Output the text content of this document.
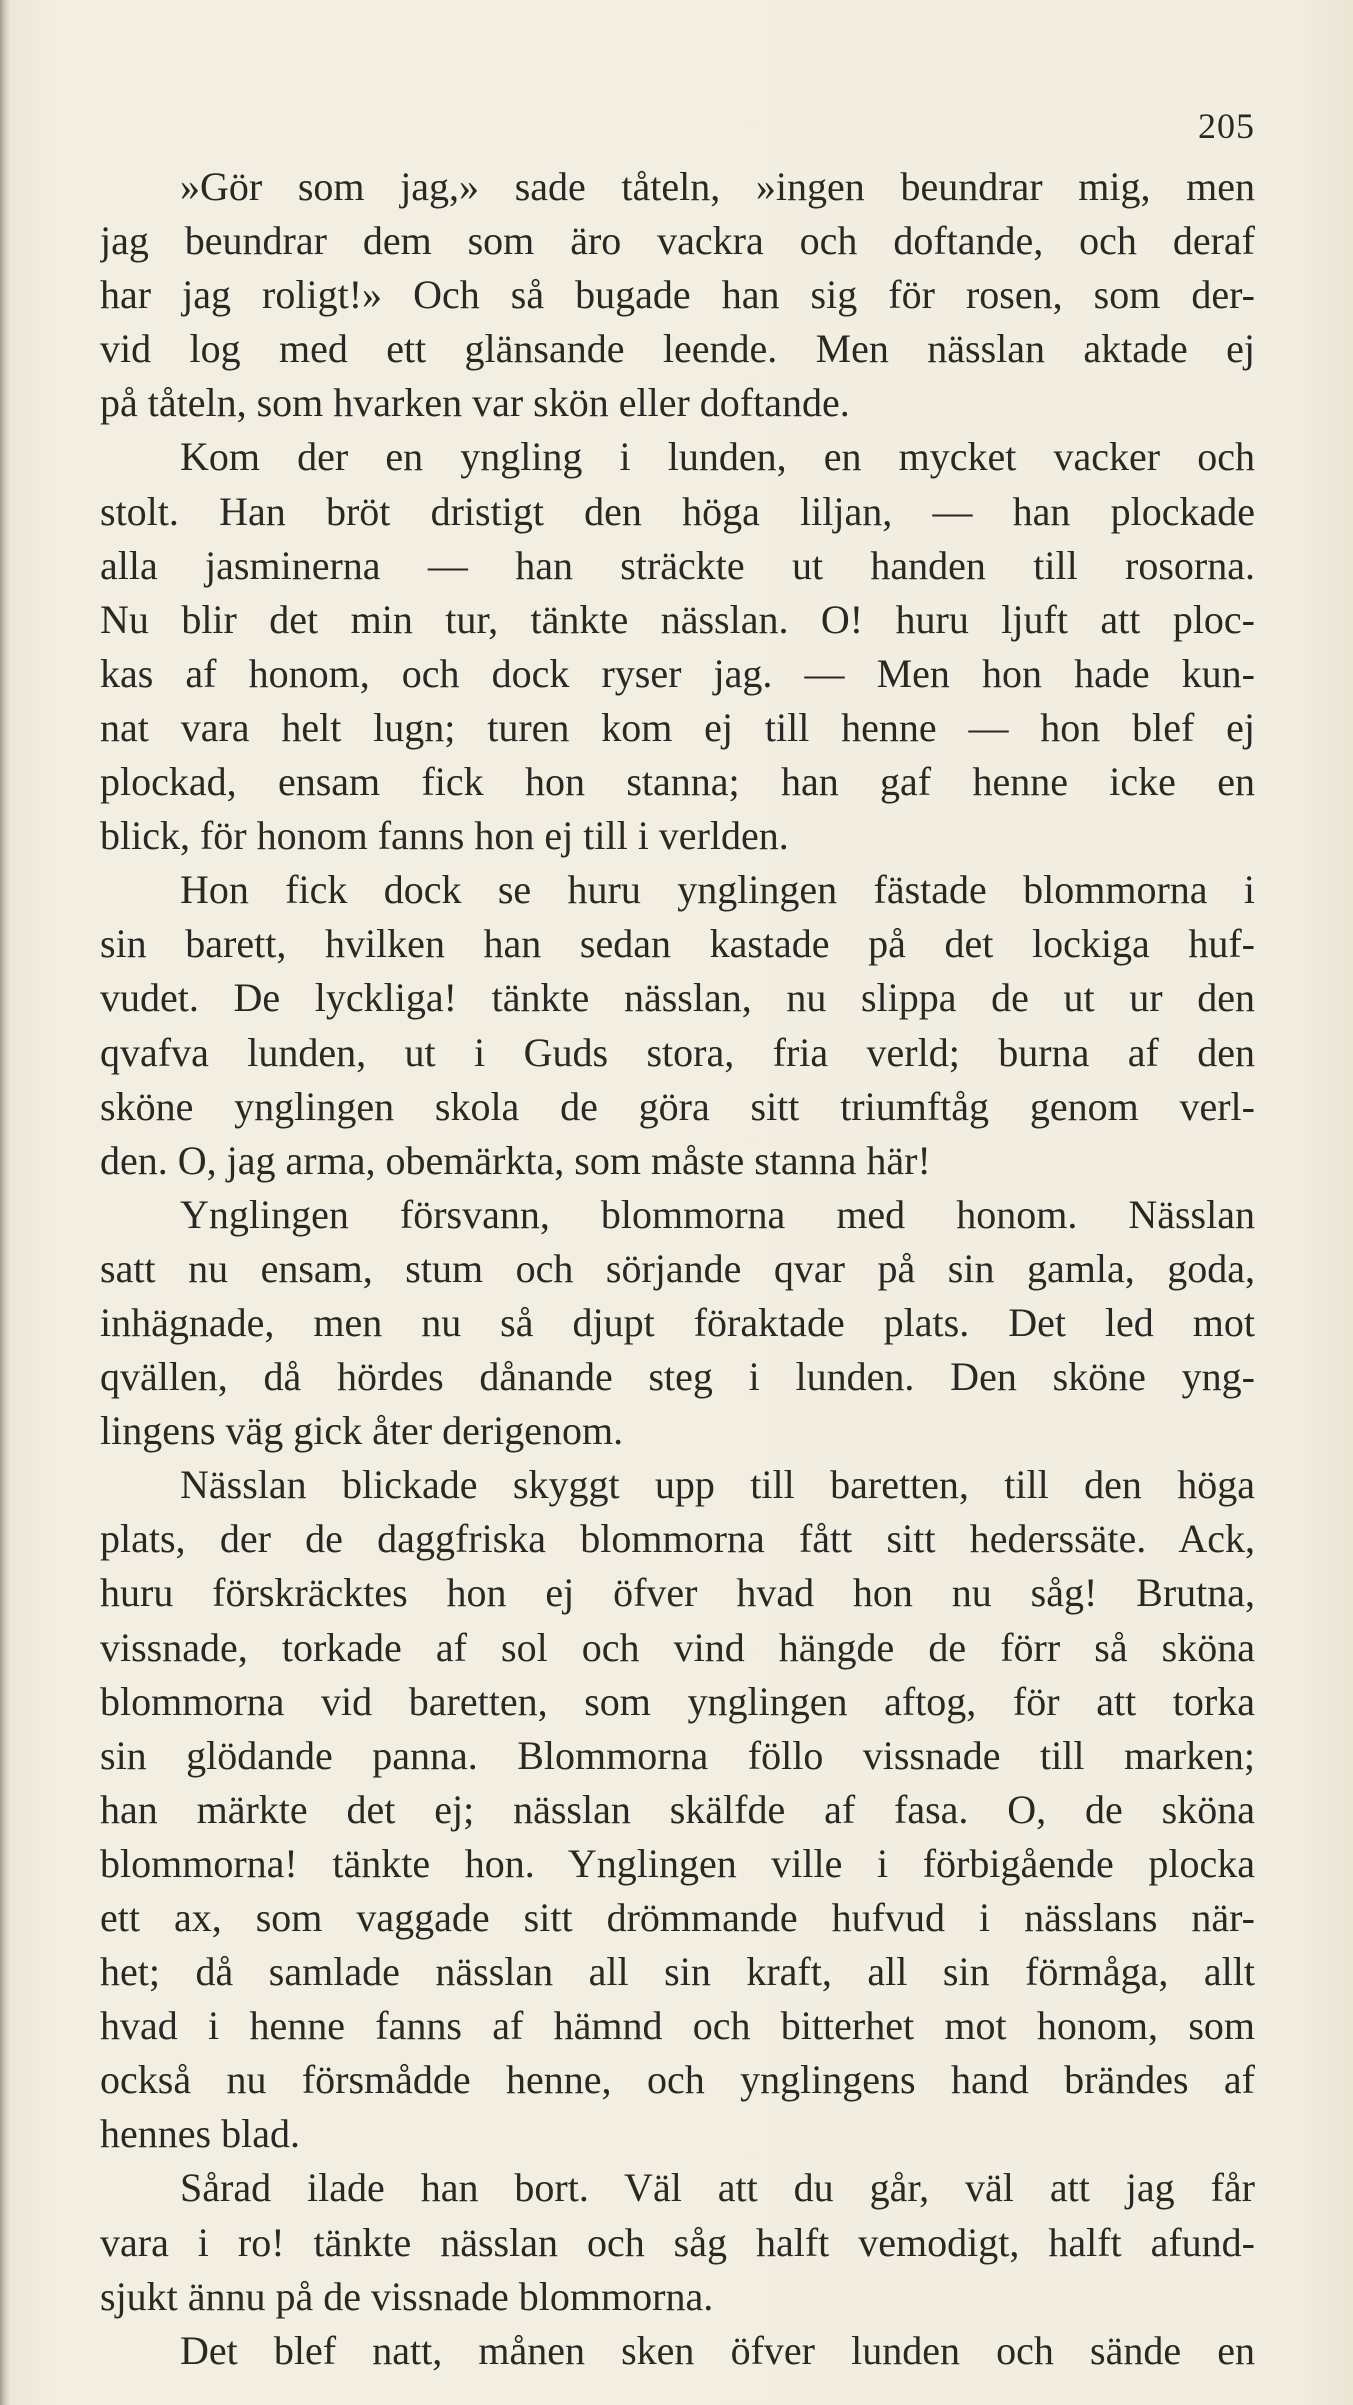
205
»Gör som jag,» sade tåteln, »ingen beundrar mig, men
jag beundrar dem som äro vackra och doftande, och deraf
har jag roligt!» Och så bugade han sig för rosen, som der-
vid log med ett glänsande leende. Men nässlan aktade ej
på tåteln, som hvarken var skön eller doftande.
Kom der en yngling i lunden, en mycket vacker och
stolt. Han bröt dristigt den höga liljan, — han plockade
alla jasminerna — han sträckte ut handen till rosorna.
Nu blir det min tur, tänkte nässlan. O! huru ljuft att ploc-
kas af honom, och dock ryser jag. — Men hon hade kun-
nat vara helt lugn; turen kom ej till henne — hon blef ej
plockad, ensam fick hon stanna; han gaf henne icke en
blick, för honom fanns hon ej till i verlden.
Hon fick dock se huru ynglingen fästade blommorna i
sin barett, hvilken han sedan kastade på det lockiga huf-
vudet. De lyckliga! tänkte nässlan, nu slippa de ut ur den
qvafva lunden, ut i Guds stora, fria verld; burna af den
sköne ynglingen skola de göra sitt triumftåg genom verl-
den. O, jag arma, obemärkta, som måste stanna här!
Ynglingen försvann, blommorna med honom. Nässlan
satt nu ensam, stum och sörjande qvar på sin gamla, goda,
inhägnade, men nu så djupt föraktade plats. Det led mot
qvällen, då hördes dånande steg i lunden. Den sköne yng-
lingens väg gick åter derigenom.
Nässlan blickade skyggt upp till baretten, till den höga
plats, der de daggfriska blommorna fått sitt hederssäte. Ack,
huru förskräcktes hon ej öfver hvad hon nu såg! Brutna,
vissnade, torkade af sol och vind hängde de förr så sköna
blommorna vid baretten, som ynglingen aftog, för att torka
sin glödande panna. Blommorna föllo vissnade till marken;
han märkte det ej; nässlan skälfde af fasa. O, de sköna
blommorna! tänkte hon. Ynglingen ville i förbigående plocka
ett ax, som vaggade sitt drömmande hufvud i nässlans när-
het; då samlade nässlan all sin kraft, all sin förmåga, allt
hvad i henne fanns af hämnd och bitterhet mot honom, som
också nu försmådde henne, och ynglingens hand brändes af
hennes blad.
Sårad ilade han bort. Väl att du går, väl att jag får
vara i ro! tänkte nässlan och såg halft vemodigt, halft afund-
sjukt ännu på de vissnade blommorna.
Det blef natt, månen sken öfver lunden och sände en
